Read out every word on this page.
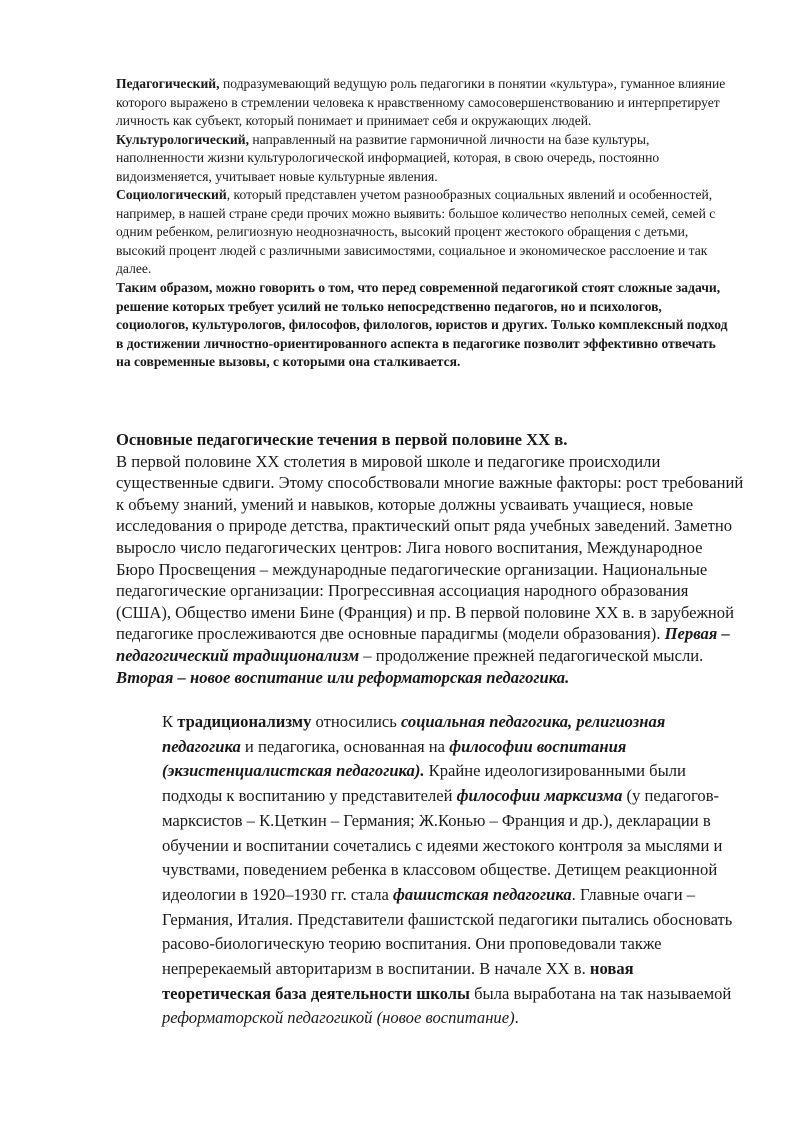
Педагогический, подразумевающий ведущую роль педагогики в понятии «культура», гуманное влияние которого выражено в стремлении человека к нравственному самосовершенствованию и интерпретирует личность как субъект, который понимает и принимает себя и окружающих людей.

Культурологический, направленный на развитие гармоничной личности на базе культуры, наполненности жизни культурологической информацией, которая, в свою очередь, постоянно видоизменяется, учитывает новые культурные явления.

Социологический, который представлен учетом разнообразных социальных явлений и особенностей, например, в нашей стране среди прочих можно выявить: большое количество неполных семей, семей с одним ребенком, религиозную неоднозначность, высокий процент жестокого обращения с детьми, высокий процент людей с различными зависимостями, социальное и экономическое расслоение и так далее.

Таким образом, можно говорить о том, что перед современной педагогикой стоят сложные задачи, решение которых требует усилий не только непосредственно педагогов, но и психологов, социологов, культурологов, философов, филологов, юристов и других. Только комплексный подход в достижении личностно-ориентированного аспекта в педагогике позволит эффективно отвечать на современные вызовы, с которыми она сталкивается.

Основные педагогические течения в первой половине XX в.

В первой половине XX столетия в мировой школе и педагогике происходили существенные сдвиги. Этому способствовали многие важные факторы: рост требований к объему знаний, умений и навыков, которые должны усваивать учащиеся, новые исследования о природе детства, практический опыт ряда учебных заведений. Заметно выросло число педагогических центров: Лига нового воспитания, Международное Бюро Просвещения – международные педагогические организации. Национальные педагогические организации: Прогрессивная ассоциация народного образования (США), Общество имени Бине (Франция) и пр. В первой половине XX в. в зарубежной педагогике прослеживаются две основные парадигмы (модели образования). Первая – педагогический традиционализм – продолжение прежней педагогической мысли. Вторая – новое воспитание или реформаторская педагогика.

К традиционализму относились социальная педагогика, религиозная педагогика и педагогика, основанная на философии воспитания (экзистенциалистская педагогика). Крайне идеологизированными были подходы к воспитанию у представителей философии марксизма (у педагогов-марксистов – К.Цеткин – Германия; Ж.Конью – Франция и др.), декларации в обучении и воспитании сочетались с идеями жестокого контроля за мыслями и чувствами, поведением ребенка в классовом обществе. Детищем реакционной идеологии в 1920–1930 гг. стала фашистская педагогика. Главные очаги – Германия, Италия. Представители фашистской педагогики пытались обосновать расово-биологическую теорию воспитания. Они проповедовали также непререкаемый авторитаризм в воспитании. В начале XX в. новая теоретическая база деятельности школы была выработана на так называемой реформаторской педагогикой (новое воспитание).
